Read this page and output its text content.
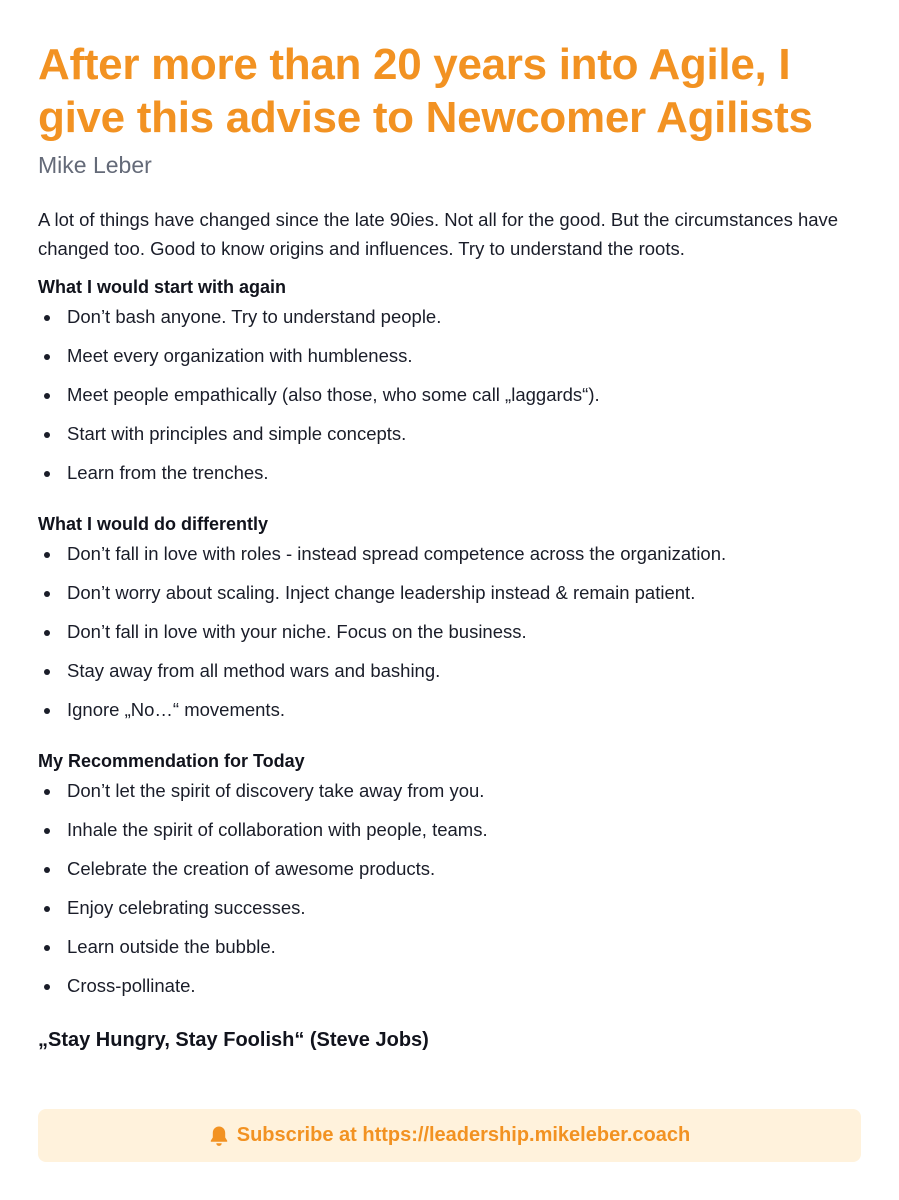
After more than 20 years into Agile, I give this advise to Newcomer Agilists
Mike Leber

A lot of things have changed since the late 90ies. Not all for the good. But the circumstances have changed too. Good to know origins and influences. Try to understand the roots.

What I would start with again
Don’t bash anyone. Try to understand people.
Meet every organization with humbleness.
Meet people empathically (also those, who some call „laggards“).
Start with principles and simple concepts.
Learn from the trenches.
What I would do differently
Don’t fall in love with roles - instead spread competence across the organization.
Don’t worry about scaling. Inject change leadership instead & remain patient.
Don’t fall in love with your niche. Focus on the business.
Stay away from all method wars and bashing.
Ignore „No…“ movements.
My Recommendation for Today
Don’t let the spirit of discovery take away from you.
Inhale the spirit of collaboration with people, teams.
Celebrate the creation of awesome products.
Enjoy celebrating successes.
Learn outside the bubble.
Cross-pollinate.
„Stay Hungry, Stay Foolish“ (Steve Jobs)
Subscribe at https://leadership.mikeleber.coach
